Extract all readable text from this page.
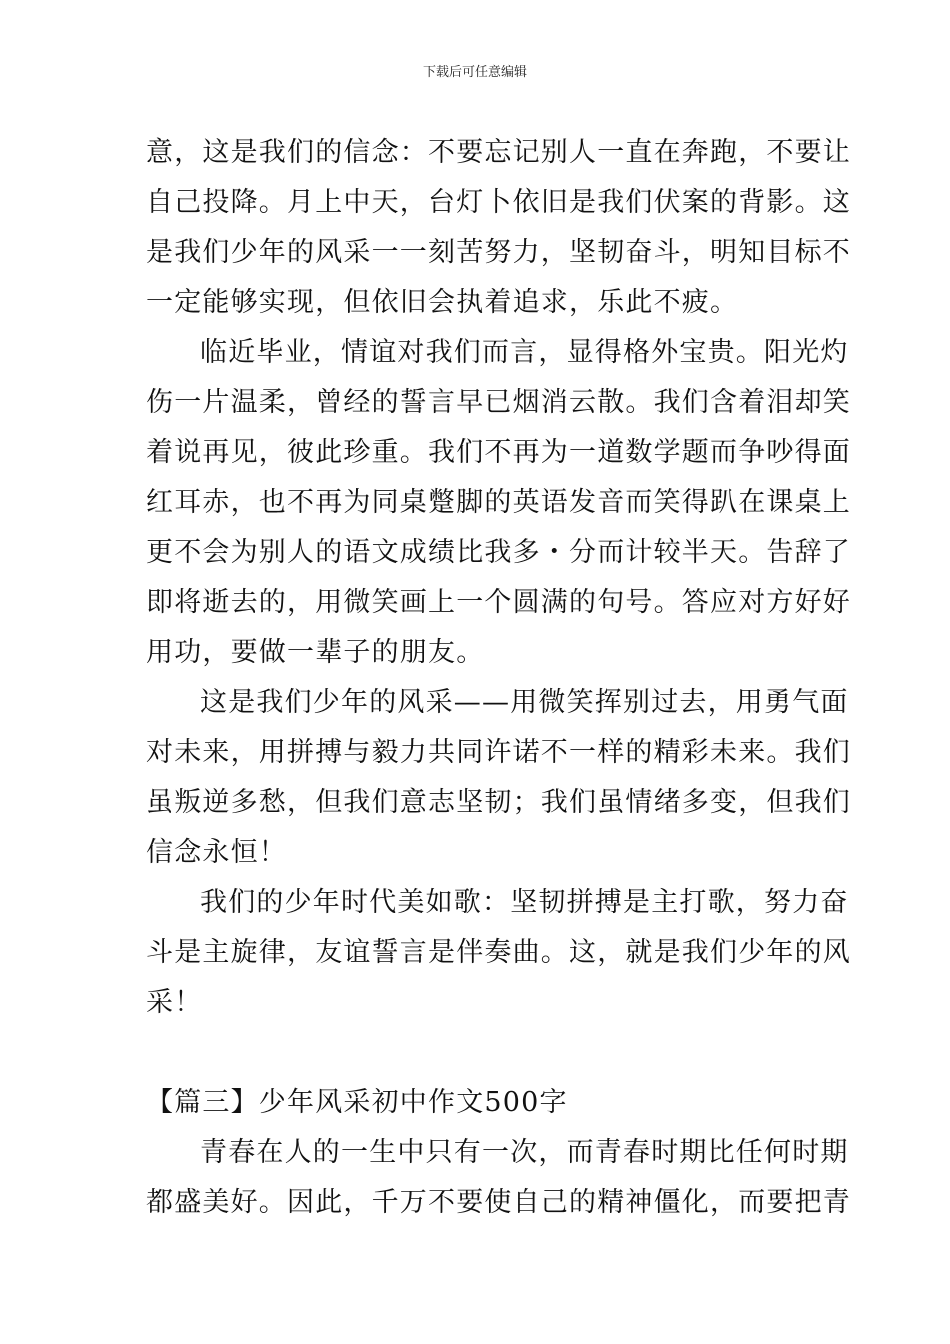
下载后可任意编辑
意，这是我们的信念：不要忘记别人一直在奔跑，不要让
自己投降。月上中天，台灯卜依旧是我们伏案的背影。这
是我们少年的风采一一刻苦努力，坚韧奋斗，明知目标不
一定能够实现，但依旧会执着追求，乐此不疲。
临近毕业，情谊对我们而言，显得格外宝贵。阳光灼
伤一片温柔，曾经的誓言早已烟消云散。我们含着泪却笑
着说再见，彼此珍重。我们不再为一道数学题而争吵得面
红耳赤，也不再为同桌蹩脚的英语发音而笑得趴在课桌上
更不会为别人的语文成绩比我多・分而计较半天。告辞了
即将逝去的，用微笑画上一个圆满的句号。答应对方好好
用功，要做一辈子的朋友。
这是我们少年的风采——用微笑挥别过去，用勇气面
对未来，用拼搏与毅力共同许诺不一样的精彩未来。我们
虽叛逆多愁，但我们意志坚韧；我们虽情绪多变，但我们
信念永恒！
我们的少年时代美如歌：坚韧拼搏是主打歌，努力奋
斗是主旋律，友谊誓言是伴奏曲。这，就是我们少年的风
采！
【篇三】少年风采初中作文500字
青春在人的一生中只有一次，而青春时期比任何时期
都盛美好。因此，千万不要使自己的精神僵化，而要把青
